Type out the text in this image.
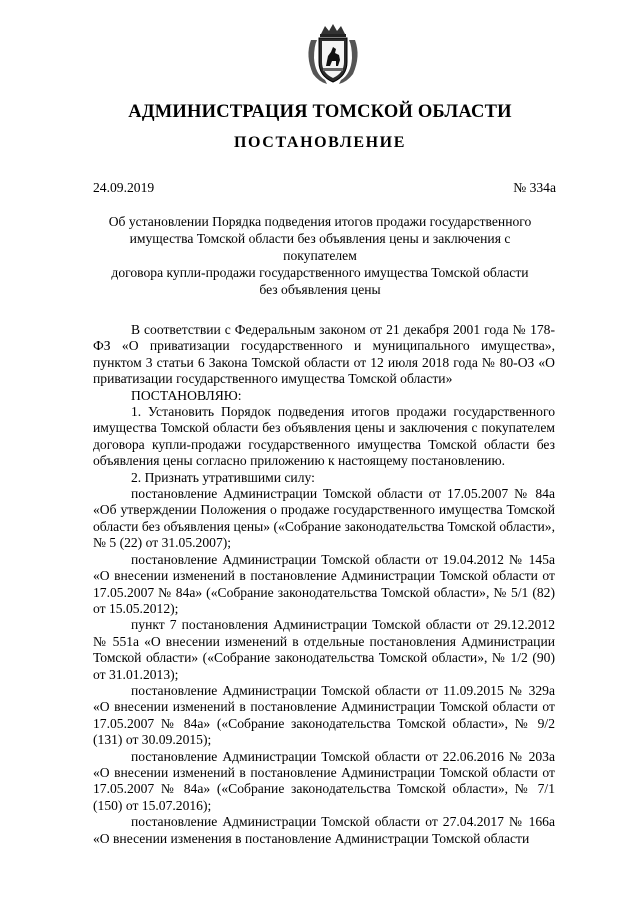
АДМИНИСТРАЦИЯ ТОМСКОЙ ОБЛАСТИ
ПОСТАНОВЛЕНИЕ
24.09.2019	№ 334а
Об установлении Порядка подведения итогов продажи государственного
имущества Томской области без объявления цены и заключения с покупателем
договора купли-продажи государственного имущества Томской области
без объявления цены

В соответствии с Федеральным законом от 21 декабря 2001 года № 178-ФЗ «О приватизации государственного и муниципального имущества», пунктом 3 статьи 6 Закона Томской области от 12 июля 2018 года № 80-ОЗ «О приватизации государственного имущества Томской области»

ПОСТАНОВЛЯЮ:

1. Установить Порядок подведения итогов продажи государственного имущества Томской области без объявления цены и заключения с покупателем договора купли-продажи государственного имущества Томской области без объявления цены согласно приложению к настоящему постановлению.

2. Признать утратившими силу:

постановление Администрации Томской области от 17.05.2007 № 84а «Об утверждении Положения о продаже государственного имущества Томской области без объявления цены» («Собрание законодательства Томской области», № 5 (22) от 31.05.2007);

постановление Администрации Томской области от 19.04.2012 № 145а «О внесении изменений в постановление Администрации Томской области от 17.05.2007 № 84а» («Собрание законодательства Томской области», № 5/1 (82) от 15.05.2012);

пункт 7 постановления Администрации Томской области от 29.12.2012 № 551а «О внесении изменений в отдельные постановления Администрации Томской области» («Собрание законодательства Томской области», № 1/2 (90) от 31.01.2013);

постановление Администрации Томской области от 11.09.2015 № 329а «О внесении изменений в постановление Администрации Томской области от 17.05.2007 № 84а» («Собрание законодательства Томской области», № 9/2 (131) от 30.09.2015);

постановление Администрации Томской области от 22.06.2016 № 203а «О внесении изменений в постановление Администрации Томской области от 17.05.2007 № 84а» («Собрание законодательства Томской области», № 7/1 (150) от 15.07.2016);

постановление Администрации Томской области от 27.04.2017 № 166а «О внесении изменения в постановление Администрации Томской области
